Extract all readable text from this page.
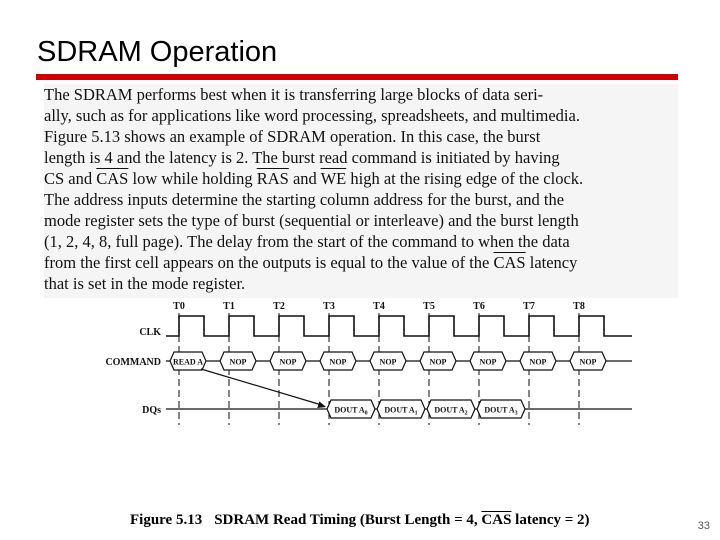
SDRAM Operation

The SDRAM performs best when it is transferring large blocks of data seri-
ally, such as for applications like word processing, spreadsheets, and multimedia.
Figure 5.13 shows an example of SDRAM operation. In this case, the burst
length is 4 and the latency is 2. The burst read command is initiated by having
CS and $\overline{CAS}$ low while holding $\overline{RAS}$ and $\overline{WE}$ high at the rising edge of the clock.
The address inputs determine the starting column address for the burst, and the
mode register sets the type of burst (sequential or interleave) and the burst length
(1, 2, 4, 8, full page). The delay from the start of the command to when the data
from the first cell appears on the outputs is equal to the value of the $\overline{CAS}$ latency
that is set in the mode register.

T0	T1	T2	T3	T4	T5	T6	T7	T8
CLK
COMMAND
DQs
READ A	NOP	NOP	NOP	NOP	NOP	NOP	NOP	NOP
DOUT $A_0$ DOUT $A_1$ DOUT $A_2$ DOUT $A_3$
Figure 5.13 SDRAM Read Timing (Burst Length = 4, $\overline{CAS}$ latency = 2)	33
